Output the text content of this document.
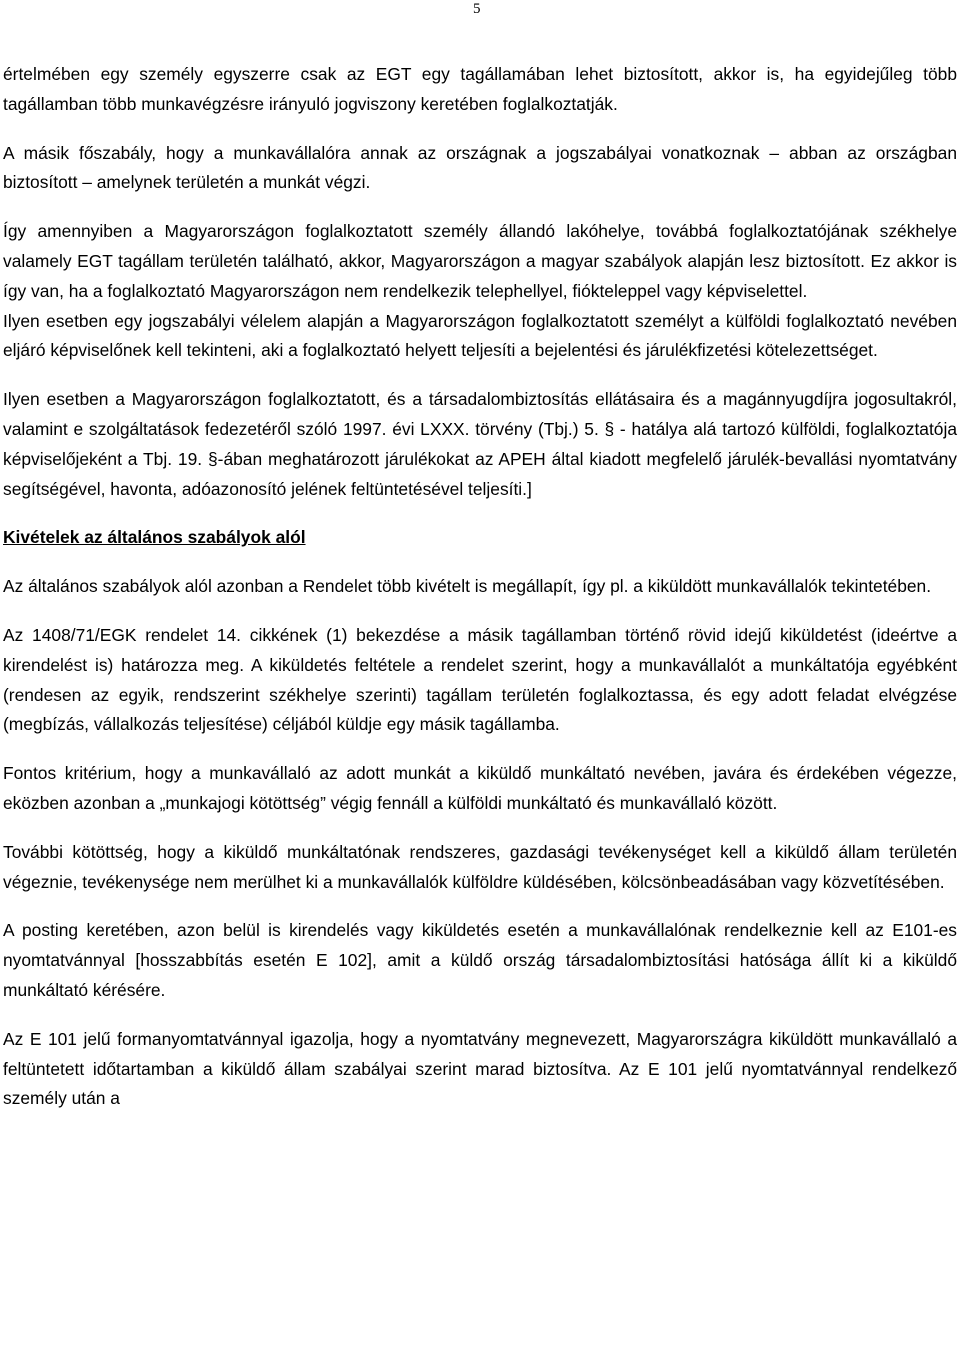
5

értelmében egy személy egyszerre csak az EGT egy tagállamában lehet biztosított, akkor is, ha egyidejűleg több tagállamban több munkavégzésre irányuló jogviszony keretében foglalkoztatják.

A másik főszabály, hogy a munkavállalóra annak az országnak a jogszabályai vonatkoznak – abban az országban biztosított – amelynek területén a munkát végzi.

Így amennyiben a Magyarországon foglalkoztatott személy állandó lakóhelye, továbbá foglalkoztatójának székhelye valamely EGT tagállam területén található, akkor, Magyarországon a magyar szabályok alapján lesz biztosított. Ez akkor is így van, ha a foglalkoztató Magyarországon nem rendelkezik telephellyel, fiókteleppel vagy képviselettel.

Ilyen esetben egy jogszabályi vélelem alapján a Magyarországon foglalkoztatott személyt a külföldi foglalkoztató nevében eljáró képviselőnek kell tekinteni, aki a foglalkoztató helyett teljesíti a bejelentési és járulékfizetési kötelezettséget.

Ilyen esetben a Magyarországon foglalkoztatott, és a társadalombiztosítás ellátásaira és a magánnyugdíjra jogosultakról, valamint e szolgáltatások fedezetéről szóló 1997. évi LXXX. törvény (Tbj.) 5. § - hatálya alá tartozó külföldi, foglalkoztatója képviselőjeként a Tbj. 19. §-ában meghatározott járulékokat az APEH által kiadott megfelelő járulék-bevallási nyomtatvány segítségével, havonta, adóazonosító jelének feltüntetésével teljesíti.]

Kivételek az általános szabályok alól

Az általános szabályok alól azonban a Rendelet több kivételt is megállapít, így pl. a kiküldött munkavállalók tekintetében.

Az 1408/71/EGK rendelet 14. cikkének (1) bekezdése a másik tagállamban történő rövid idejű kiküldetést (ideértve a kirendelést is) határozza meg. A kiküldetés feltétele a rendelet szerint, hogy a munkavállalót a munkáltatója egyébként (rendesen az egyik, rendszerint székhelye szerinti) tagállam területén foglalkoztassa, és egy adott feladat elvégzése (megbízás, vállalkozás teljesítése) céljából küldje egy másik tagállamba.

Fontos kritérium, hogy a munkavállaló az adott munkát a kiküldő munkáltató nevében, javára és érdekében végezze, eközben azonban a „munkajogi kötöttség” végig fennáll a külföldi munkáltató és munkavállaló között.

További kötöttség, hogy a kiküldő munkáltatónak rendszeres, gazdasági tevékenységet kell a kiküldő állam területén végeznie, tevékenysége nem merülhet ki a munkavállalók külföldre küldésében, kölcsönbeadásában vagy közvetítésében.

A posting keretében, azon belül is kirendelés vagy kiküldetés esetén a munkavállalónak rendelkeznie kell az E101-es nyomtatvánnyal [hosszabbítás esetén E 102], amit a küldő ország társadalombiztosítási hatósága állít ki a kiküldő munkáltató kérésére.

Az E 101 jelű formanyomtatvánnyal igazolja, hogy a nyomtatvány megnevezett, Magyarországra kiküldött munkavállaló a feltüntetett időtartamban a kiküldő állam szabályai szerint marad biztosítva. Az E 101 jelű nyomtatvánnyal rendelkező személy után a
